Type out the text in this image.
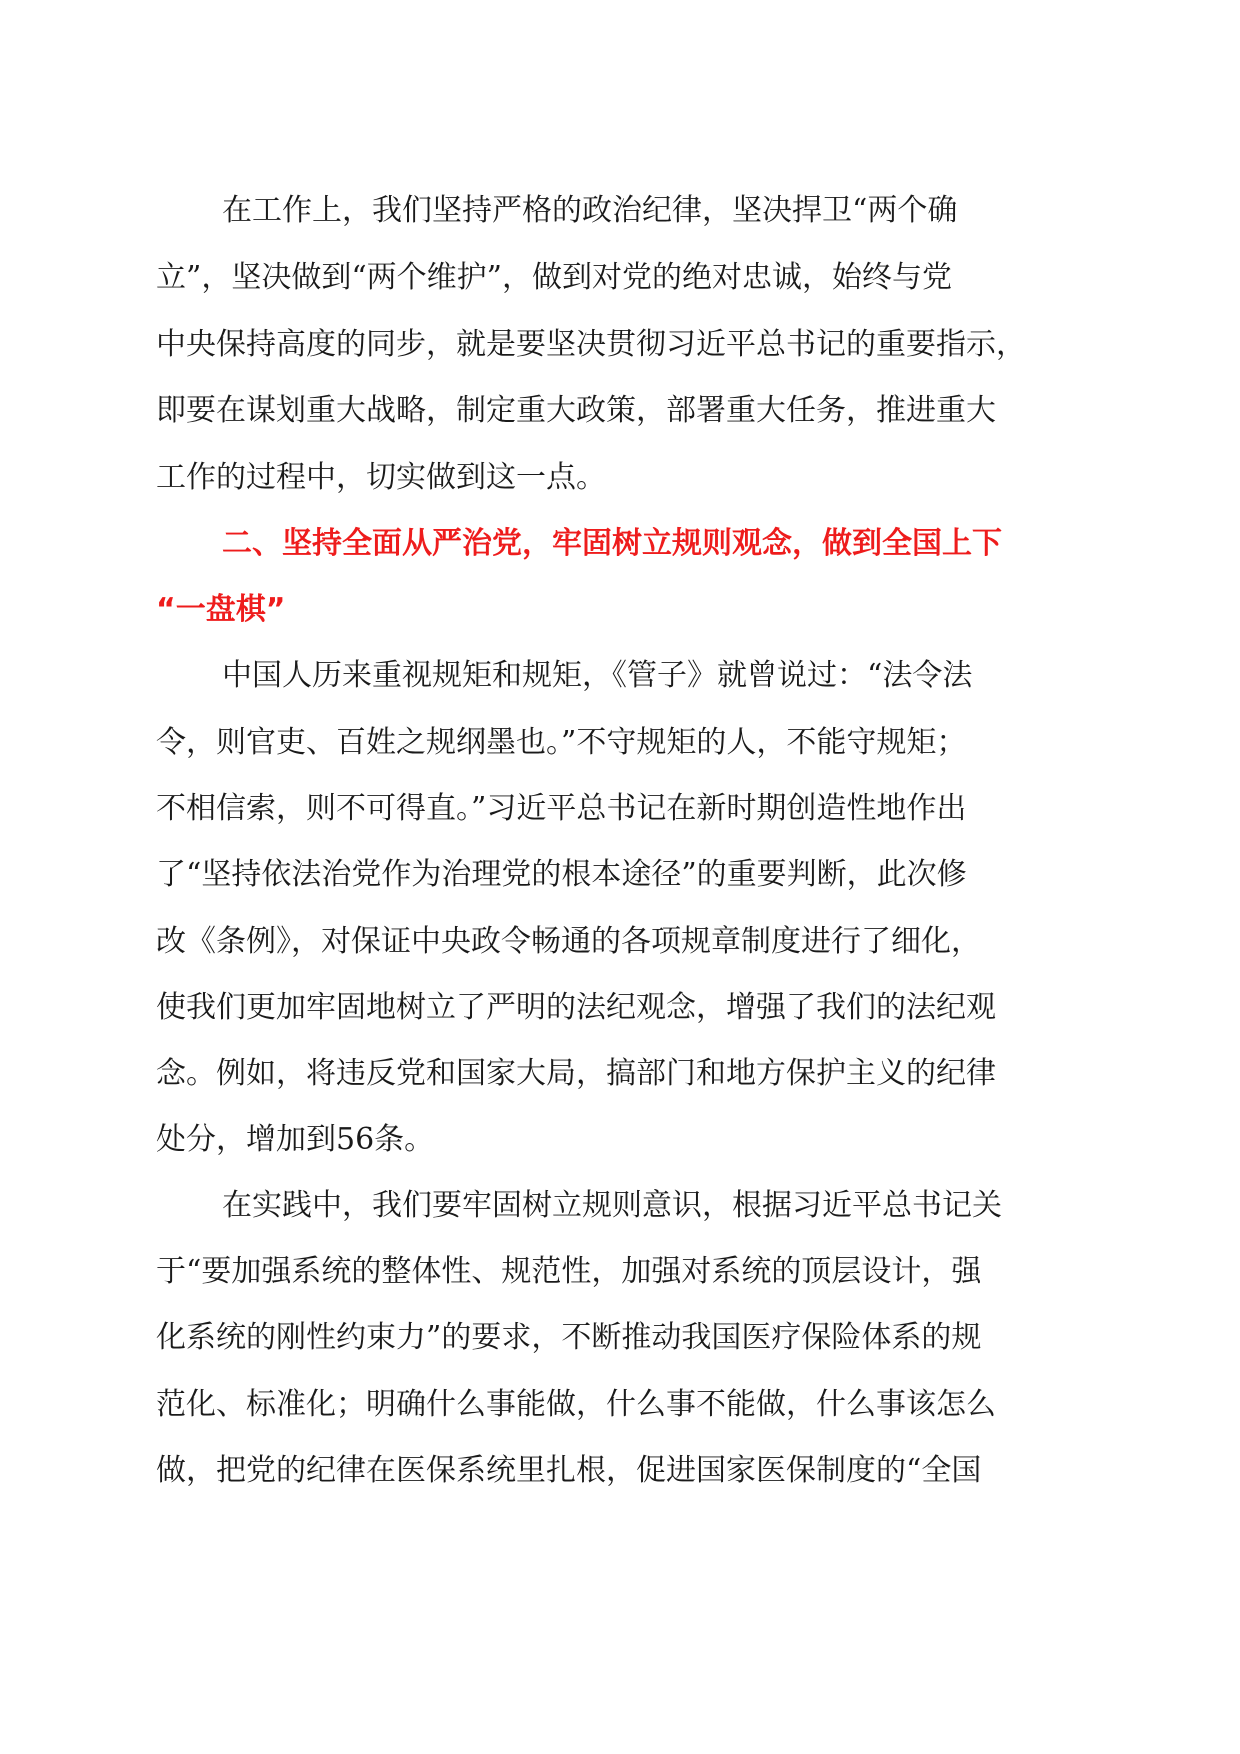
在工作上，我们坚持严格的政治纪律，坚决捍卫“两个确
立”，坚决做到“两个维护”，做到对党的绝对忠诚，始终与党
中央保持高度的同步，就是要坚决贯彻习近平总书记的重要指示，
即要在谋划重大战略，制定重大政策，部署重大任务，推进重大
工作的过程中，切实做到这一点。
二、坚持全面从严治党，牢固树立规则观念，做到全国上下
“一盘棋”
中国人历来重视规矩和规矩，《管子》就曾说过：“法令法
令，则官吏、百姓之规纲墨也。”不守规矩的人，不能守规矩；
不相信索，则不可得直。”习近平总书记在新时期创造性地作出
了“坚持依法治党作为治理党的根本途径”的重要判断，此次修
改《条例》，对保证中央政令畅通的各项规章制度进行了细化，
使我们更加牢固地树立了严明的法纪观念，增强了我们的法纪观
念。例如，将违反党和国家大局，搞部门和地方保护主义的纪律
处分，增加到56条。
在实践中，我们要牢固树立规则意识，根据习近平总书记关
于“要加强系统的整体性、规范性，加强对系统的顶层设计，强
化系统的刚性约束力”的要求，不断推动我国医疗保险体系的规
范化、标准化；明确什么事能做，什么事不能做，什么事该怎么
做，把党的纪律在医保系统里扎根，促进国家医保制度的“全国
